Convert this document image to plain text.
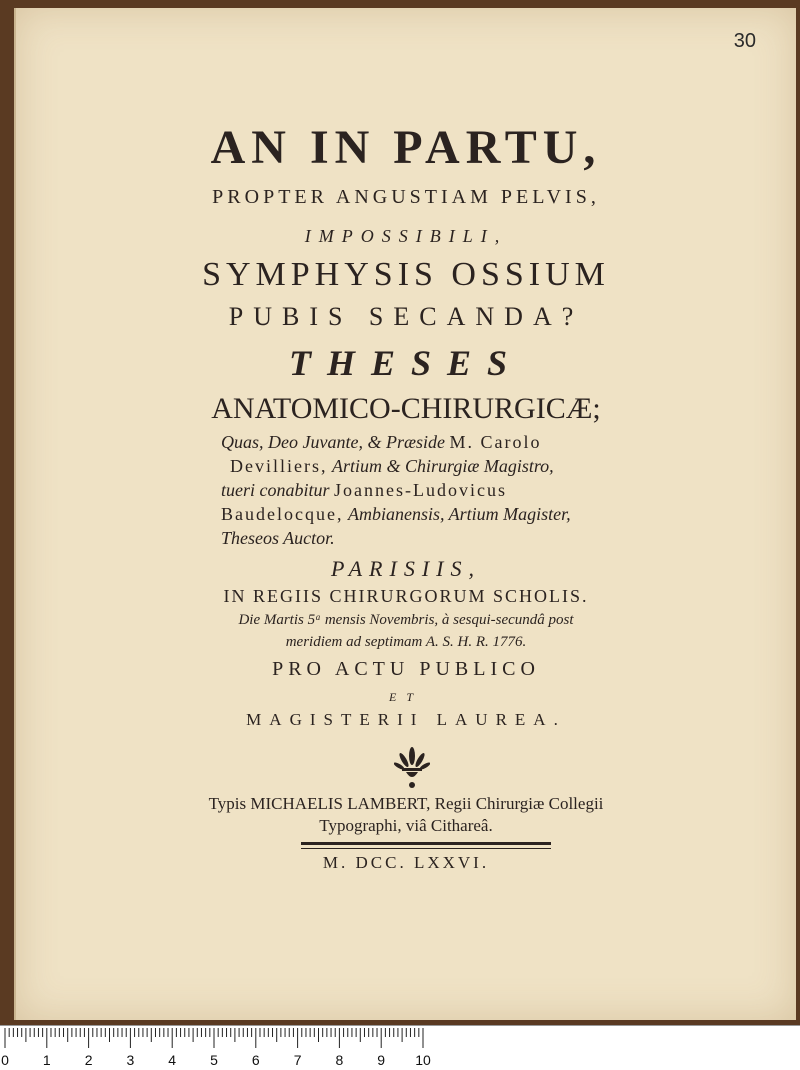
30
AN IN PARTU,
PROPTER ANGUSTIAM PELVIS,
IMPOSSIBILI,
SYMPHYSIS OSSIUM
PUBIS SECANDA?
THESES
ANATOMICO-CHIRURGICÆ;
Quas, Deo Juvante, & Præside M. Carolo
Devilliers, Artium & Chirurgiæ Magistro,
tueri conabitur Joannes-Ludovicus
Baudelocque, Ambianensis, Artium Magister,
Theseos Auctor.
PARISIIS,
IN REGIIS CHIRURGORUM SCHOLIS.
Die Martis 5ᵃ mensis Novembris, à sesqui-secundâ post
meridiem ad septimam A. S. H. R. 1776.
PRO ACTU PUBLICO
ET
MAGISTERII LAUREA.
Typis MICHAELIS LAMBERT, Regii Chirurgiæ Collegii
Typographi, viâ Cithareâ.
M. DCC. LXXVI.
0 1 2 3 4 5 6 7 8 9 10
